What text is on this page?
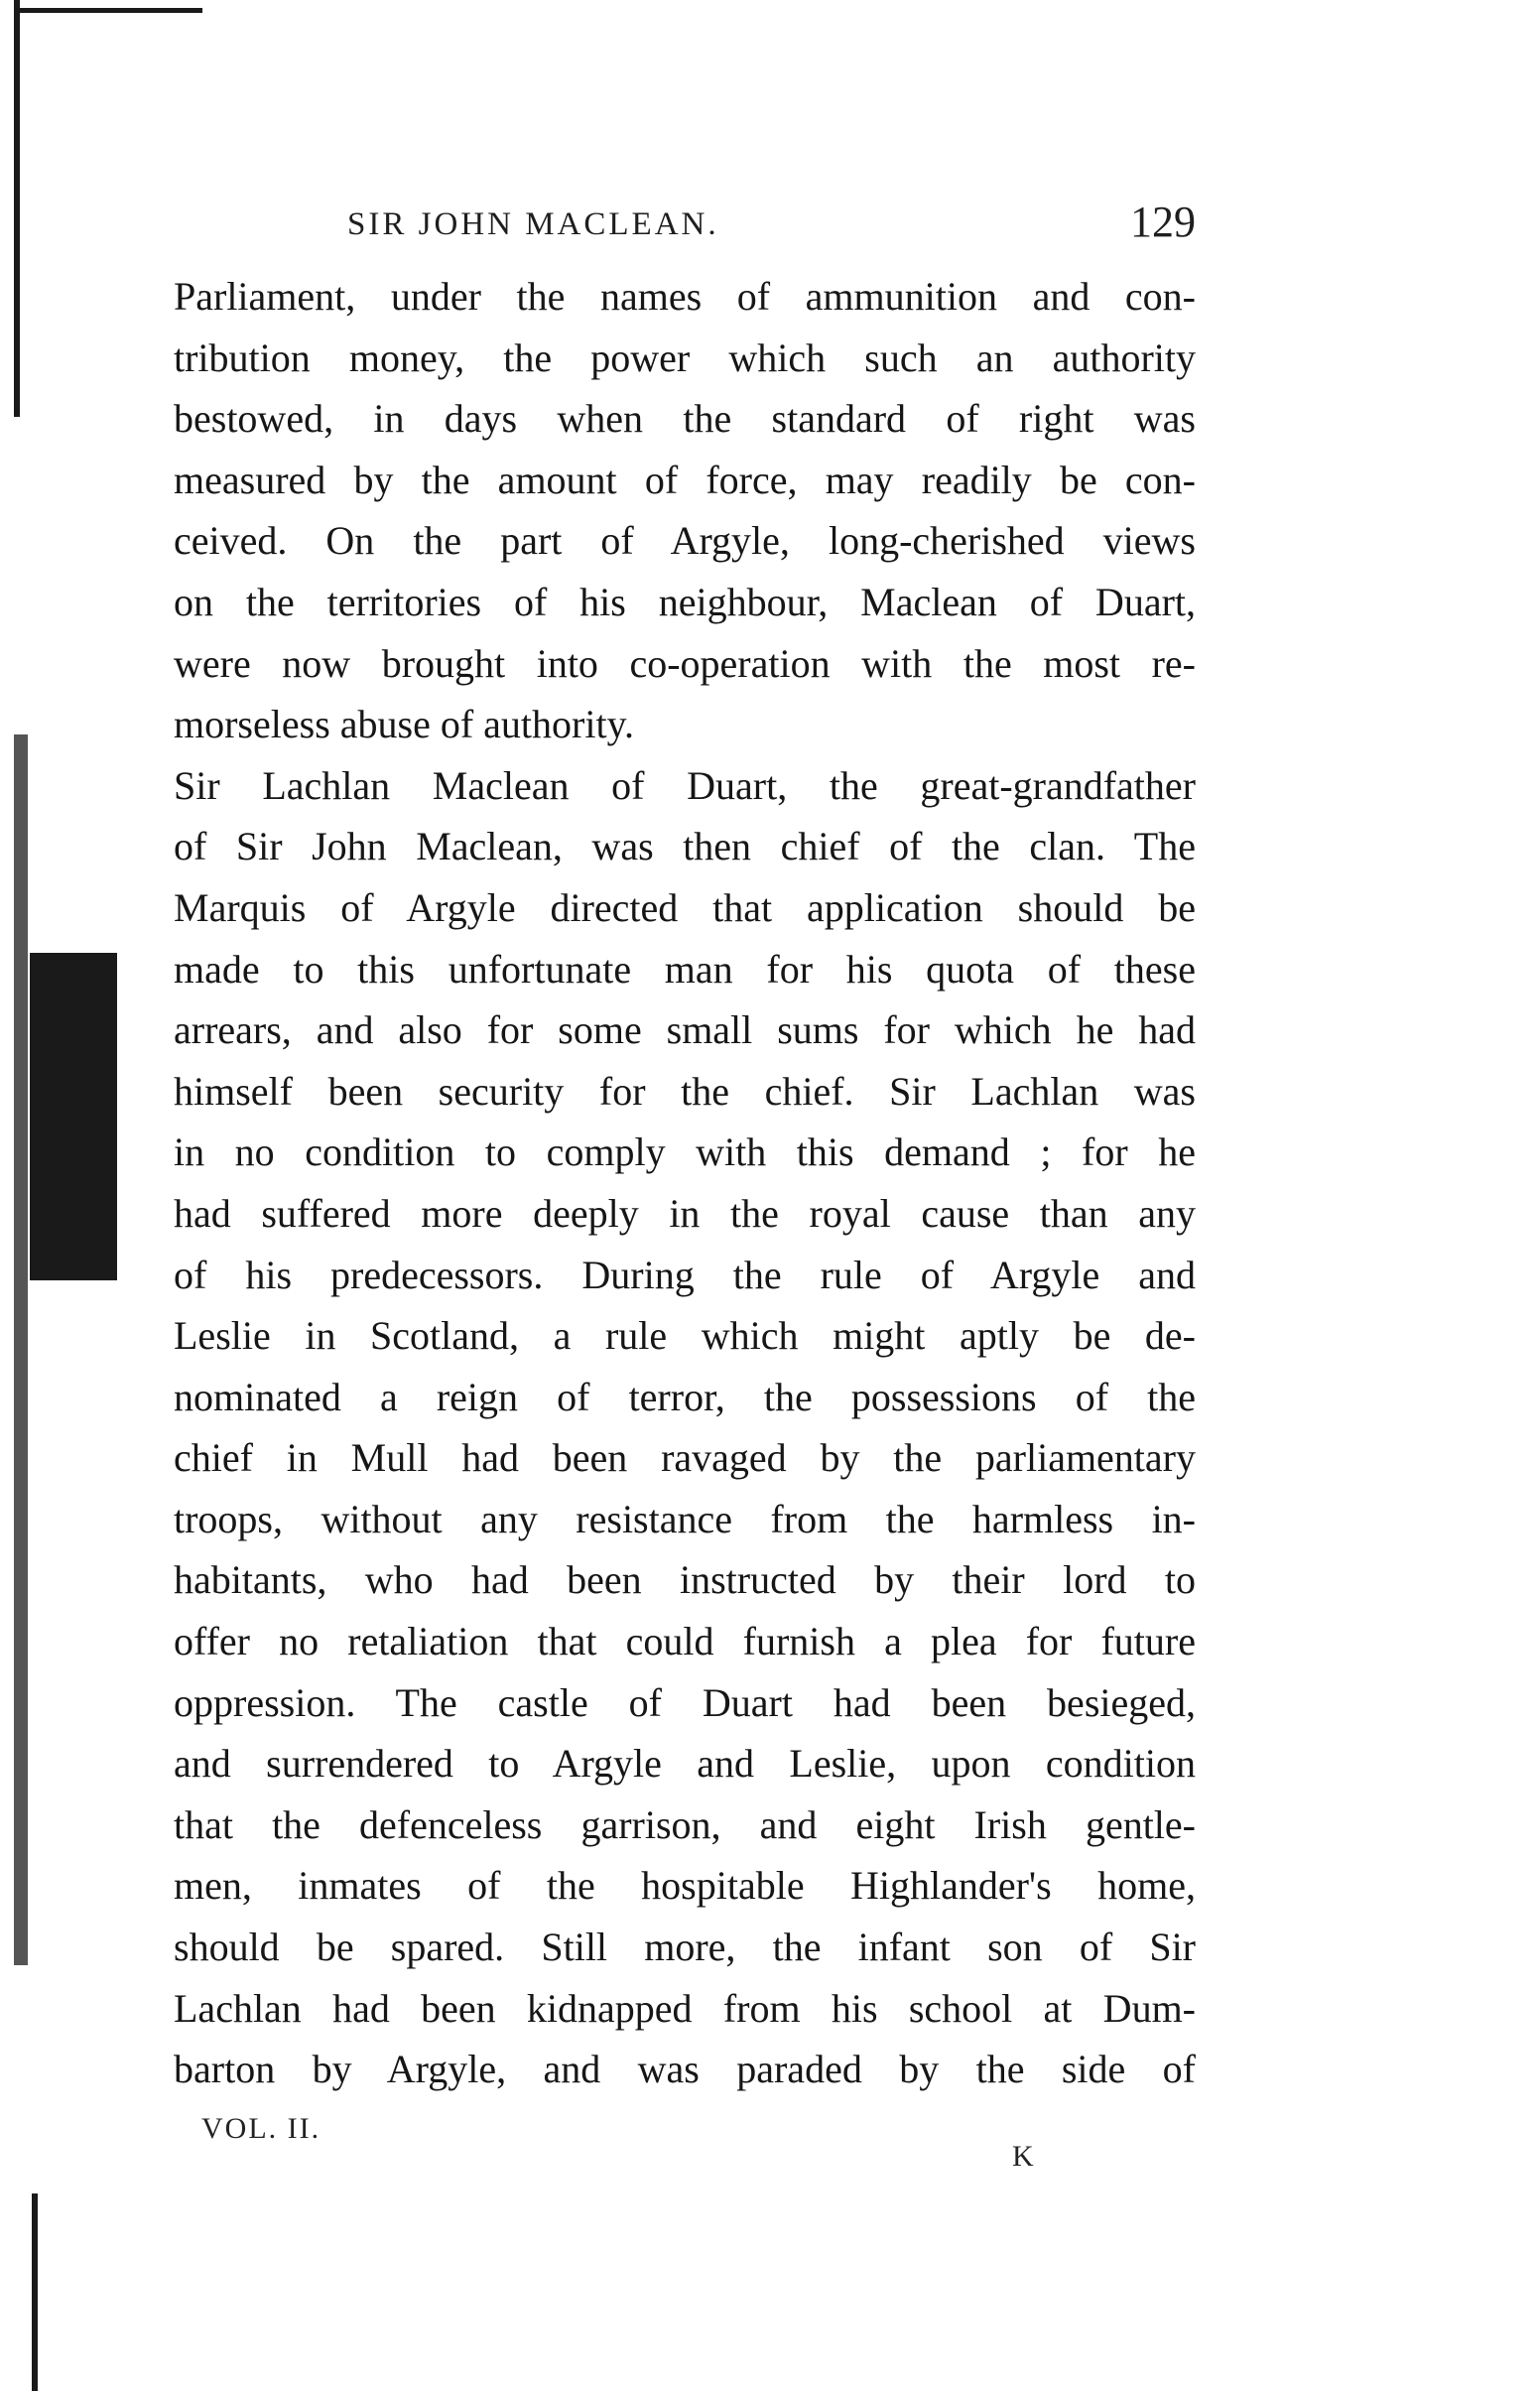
SIR JOHN MACLEAN.	129
Parliament, under the names of ammunition and con-
tribution money, the power which such an authority
bestowed, in days when the standard of right was
measured by the amount of force, may readily be con-
ceived. On the part of Argyle, long-cherished views
on the territories of his neighbour, Maclean of Duart,
were now brought into co-operation with the most re-
morseless abuse of authority.
Sir Lachlan Maclean of Duart, the great-grandfather
of Sir John Maclean, was then chief of the clan. The
Marquis of Argyle directed that application should be
made to this unfortunate man for his quota of these
arrears, and also for some small sums for which he had
himself been security for the chief. Sir Lachlan was
in no condition to comply with this demand ; for he
had suffered more deeply in the royal cause than any
of his predecessors. During the rule of Argyle and
Leslie in Scotland, a rule which might aptly be de-
nominated a reign of terror, the possessions of the
chief in Mull had been ravaged by the parliamentary
troops, without any resistance from the harmless in-
habitants, who had been instructed by their lord to
offer no retaliation that could furnish a plea for future
oppression. The castle of Duart had been besieged,
and surrendered to Argyle and Leslie, upon condition
that the defenceless garrison, and eight Irish gentle-
men, inmates of the hospitable Highlander's home,
should be spared. Still more, the infant son of Sir
Lachlan had been kidnapped from his school at Dum-
barton by Argyle, and was paraded by the side of
VOL. II.
K
